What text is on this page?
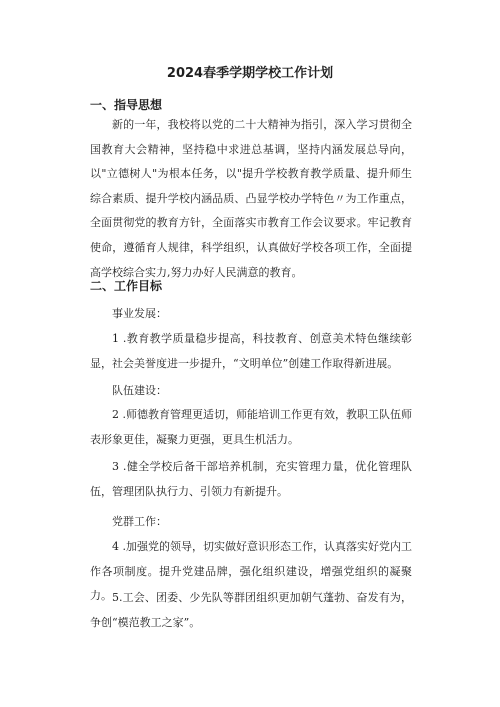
2024春季学期学校工作计划
一、指导思想

新的一年，我校将以党的二十大精神为指引，深入学习贯彻全国教育大会精神，坚持稳中求进总基调，坚持内涵发展总导向，以"立德树人"为根本任务，以"提升学校教育教学质量、提升师生综合素质、提升学校内涵品质、凸显学校办学特色〃为工作重点，全面贯彻党的教育方针，全面落实市教育工作会议要求。牢记教育使命，遵循育人规律，科学组织，认真做好学校各项工作，全面提高学校综合实力,努力办好人民满意的教育。

二、工作目标
事业发展：

1 .教育教学质量稳步提高，科技教育、创意美术特色继续彰显，社会美誉度进一步提升，“文明单位”创建工作取得新进展。

队伍建设：

2 .师德教育管理更适切，师能培训工作更有效，教职工队伍师表形象更佳，凝聚力更强，更具生机活力。

3 .健全学校后备干部培养机制，充实管理力量，优化管理队伍，管理团队执行力、引领力有新提升。

党群工作：

4 .加强党的领导，切实做好意识形态工作，认真落实好党内工作各项制度。提升党建品牌，强化组织建设，增强党组织的凝聚力。 5.工会、团委、少先队等群团组织更加朝气蓬勃、奋发有为，争创“模范教工之家”。
